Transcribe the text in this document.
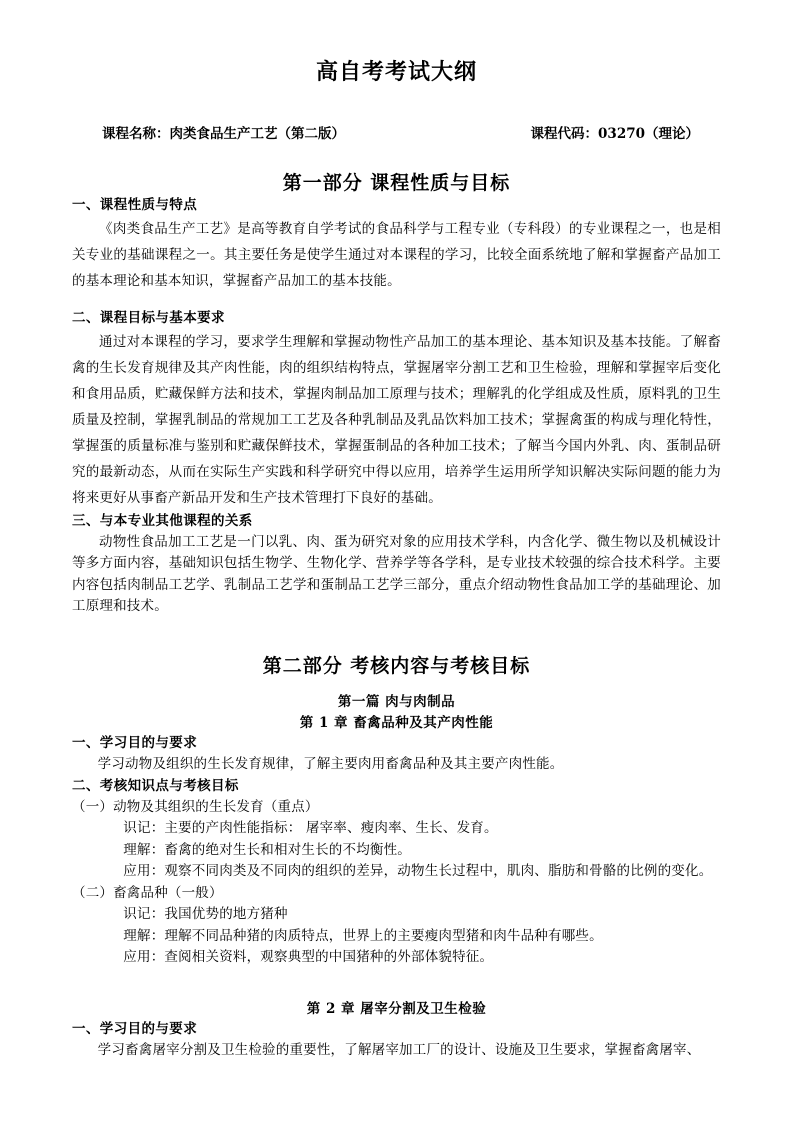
高自考考试大纲
课程名称：肉类食品生产工艺（第二版）	课程代码：03270（理论）
第一部分 课程性质与目标
一、课程性质与特点

《肉类食品生产工艺》是高等教育自学考试的食品科学与工程专业（专科段）的专业课程之一，也是相关专业的基础课程之一。其主要任务是使学生通过对本课程的学习，比较全面系统地了解和掌握畜产品加工的基本理论和基本知识，掌握畜产品加工的基本技能。

二、课程目标与基本要求

通过对本课程的学习，要求学生理解和掌握动物性产品加工的基本理论、基本知识及基本技能。了解畜禽的生长发育规律及其产肉性能，肉的组织结构特点，掌握屠宰分割工艺和卫生检验，理解和掌握宰后变化和食用品质，贮藏保鲜方法和技术，掌握肉制品加工原理与技术；理解乳的化学组成及性质，原料乳的卫生质量及控制，掌握乳制品的常规加工工艺及各种乳制品及乳品饮料加工技术；掌握禽蛋的构成与理化特性，掌握蛋的质量标准与鉴别和贮藏保鲜技术，掌握蛋制品的各种加工技术；了解当今国内外乳、肉、蛋制品研究的最新动态，从而在实际生产实践和科学研究中得以应用，培养学生运用所学知识解决实际问题的能力为将来更好从事畜产新品开发和生产技术管理打下良好的基础。

三、与本专业其他课程的关系

动物性食品加工工艺是一门以乳、肉、蛋为研究对象的应用技术学科，内含化学、微生物以及机械设计等多方面内容，基础知识包括生物学、生物化学、营养学等各学科，是专业技术较强的综合技术科学。主要内容包括肉制品工艺学、乳制品工艺学和蛋制品工艺学三部分，重点介绍动物性食品加工学的基础理论、加工原理和技术。

第二部分 考核内容与考核目标
第一篇 肉与肉制品
第 1 章 畜禽品种及其产肉性能
一、学习目的与要求

学习动物及组织的生长发育规律，了解主要肉用畜禽品种及其主要产肉性能。

二、考核知识点与考核目标

（一）动物及其组织的生长发育（重点）

识记：主要的产肉性能指标： 屠宰率、瘦肉率、生长、发育。

理解：畜禽的绝对生长和相对生长的不均衡性。

应用：观察不同肉类及不同肉的组织的差异，动物生长过程中，肌肉、脂肪和骨骼的比例的变化。

（二）畜禽品种（一般）

识记：我国优势的地方猪种

理解：理解不同品种猪的肉质特点，世界上的主要瘦肉型猪和肉牛品种有哪些。

应用：查阅相关资料，观察典型的中国猪种的外部体貌特征。

第 2 章 屠宰分割及卫生检验
一、学习目的与要求

学习畜禽屠宰分割及卫生检验的重要性，了解屠宰加工厂的设计、设施及卫生要求，掌握畜禽屠宰、
